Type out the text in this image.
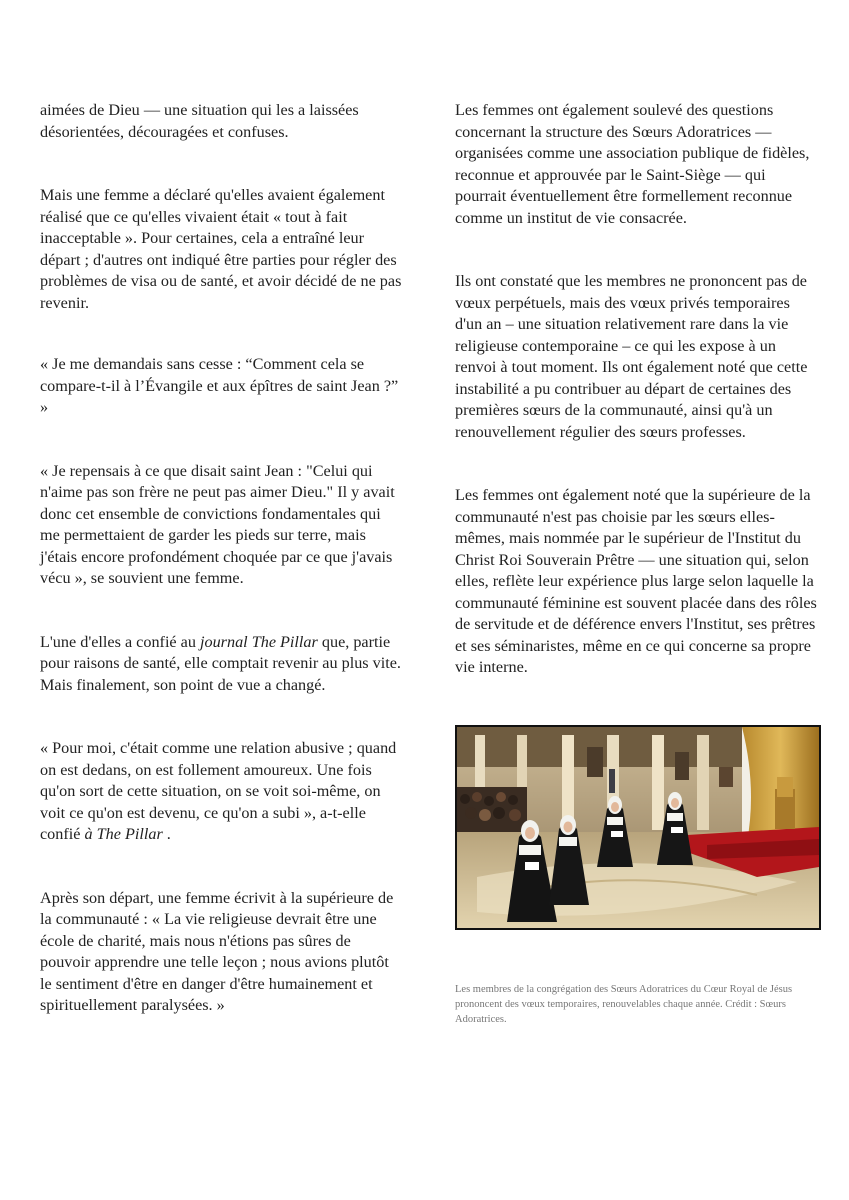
aimées de Dieu — une situation qui les a laissées désorientées, découragées et confuses.

Mais une femme a déclaré qu'elles avaient également réalisé que ce qu'elles vivaient était « tout à fait inacceptable ». Pour certaines, cela a entraîné leur départ ; d'autres ont indiqué être parties pour régler des problèmes de visa ou de santé, et avoir décidé de ne pas revenir.

« Je me demandais sans cesse : “Comment cela se compare-t-il à l’Évangile et aux épîtres de saint Jean ?” »

« Je repensais à ce que disait saint Jean : "Celui qui n'aime pas son frère ne peut pas aimer Dieu." Il y avait donc cet ensemble de convictions fondamentales qui me permettaient de garder les pieds sur terre, mais j'étais encore profondément choquée par ce que j'avais vécu », se souvient une femme.

L'une d'elles a confié au journal The Pillar que, partie pour raisons de santé, elle comptait revenir au plus vite. Mais finalement, son point de vue a changé.

« Pour moi, c'était comme une relation abusive ; quand on est dedans, on est follement amoureux. Une fois qu'on sort de cette situation, on se voit soi-même, on voit ce qu'on est devenu, ce qu'on a subi », a-t-elle confié à The Pillar .

Après son départ, une femme écrivit à la supérieure de la communauté : « La vie religieuse devrait être une école de charité, mais nous n'étions pas sûres de pouvoir apprendre une telle leçon ; nous avions plutôt le sentiment d'être en danger d'être humainement et spirituellement paralysées. »

Les femmes ont également soulevé des questions concernant la structure des Sœurs Adoratrices — organisées comme une association publique de fidèles, reconnue et approuvée par le Saint-Siège — qui pourrait éventuellement être formellement reconnue comme un institut de vie consacrée.

Ils ont constaté que les membres ne prononcent pas de vœux perpétuels, mais des vœux privés temporaires d'un an – une situation relativement rare dans la vie religieuse contemporaine – ce qui les expose à un renvoi à tout moment. Ils ont également noté que cette instabilité a pu contribuer au départ de certaines des premières sœurs de la communauté, ainsi qu'à un renouvellement régulier des sœurs professes.

Les femmes ont également noté que la supérieure de la communauté n'est pas choisie par les sœurs elles-mêmes, mais nommée par le supérieur de l'Institut du Christ Roi Souverain Prêtre — une situation qui, selon elles, reflète leur expérience plus large selon laquelle la communauté féminine est souvent placée dans des rôles de servitude et de déférence envers l'Institut, ses prêtres et ses séminaristes, même en ce qui concerne sa propre vie interne.

Les membres de la congrégation des Sœurs Adoratrices du Cœur Royal de Jésus prononcent des vœux temporaires, renouvelables chaque année. Crédit : Sœurs Adoratrices.
